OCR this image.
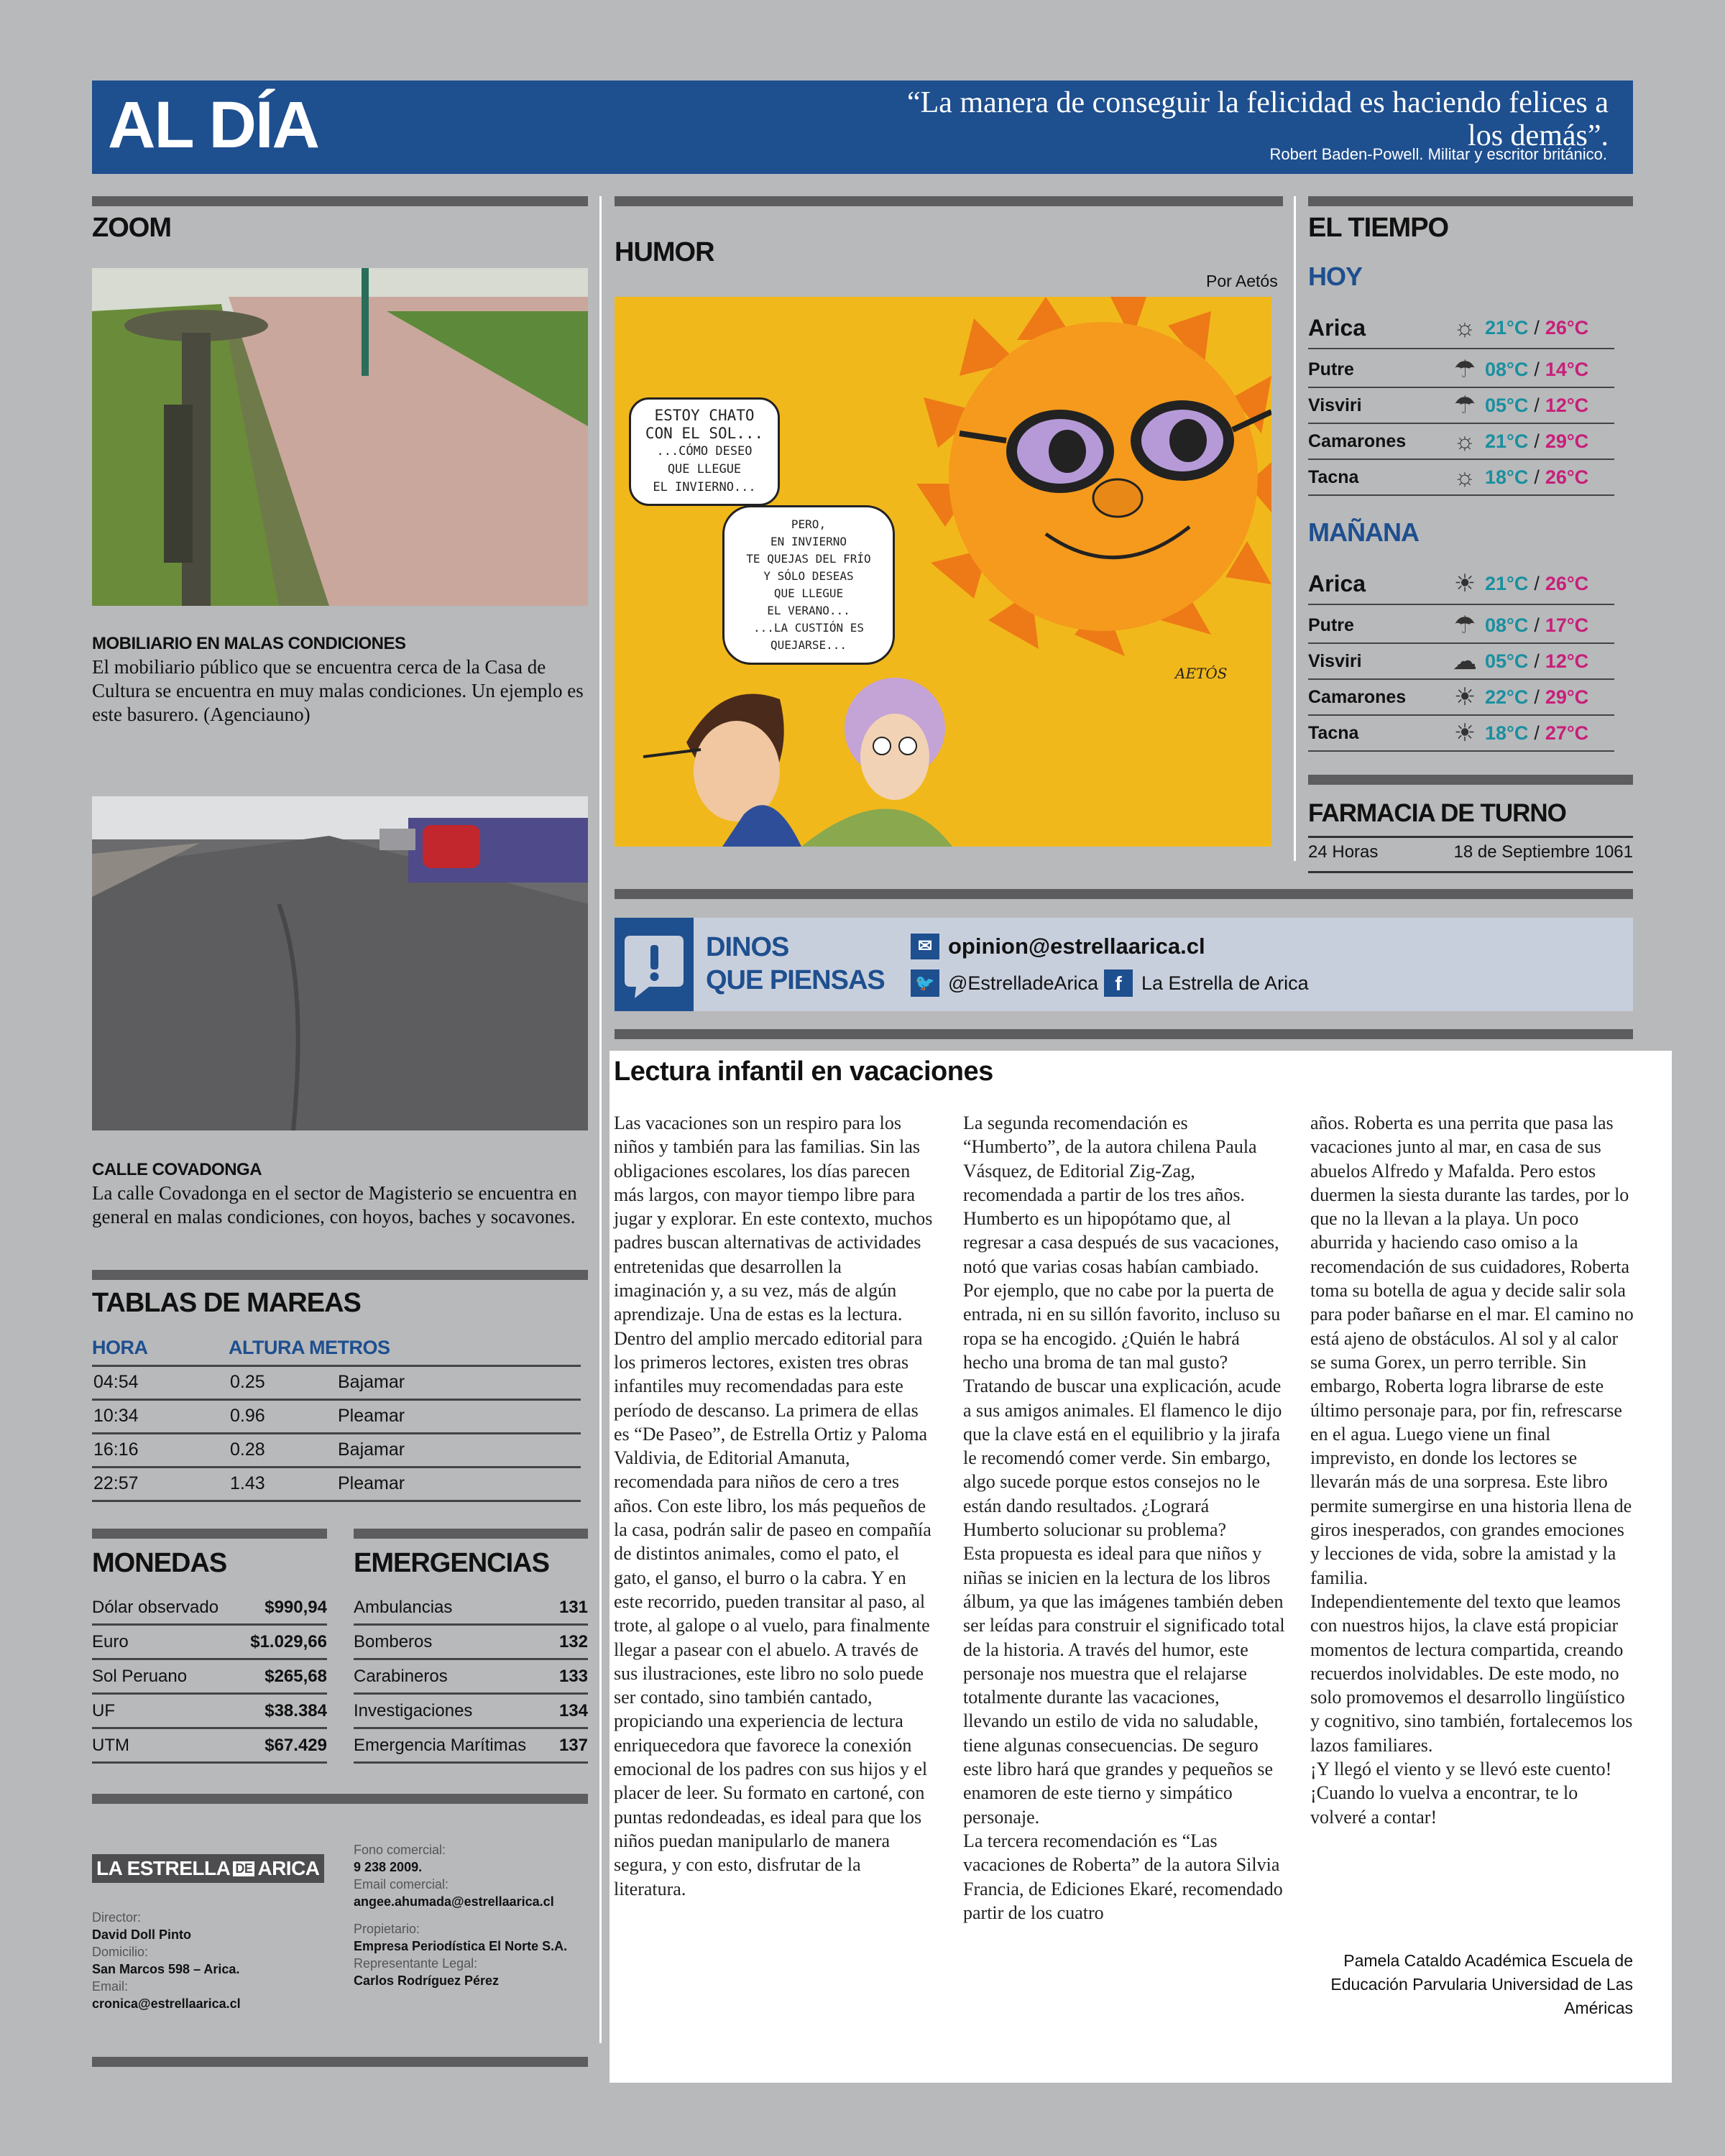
AL DÍA	“La manera de conseguir la felicidad es haciendo felices a los demás”.
Robert Baden-Powell. Militar y escritor británico.
ZOOM
MOBILIARIO EN MALAS CONDICIONES
El mobiliario público que se encuentra cerca de la Casa de Cultura se encuentra en muy malas condiciones. Un ejemplo es este basurero. (Agenciauno)
CALLE COVADONGA
La calle Covadonga en el sector de Magisterio se encuentra en general en malas condiciones, con hoyos, baches y socavones.
TABLAS DE MAREAS
HORA	ALTURA METROS	
04:54	0.25	Bajamar
10:34	0.96	Pleamar
16:16	0.28	Bajamar
22:57	1.43	Pleamar
MONEDAS	EMERGENCIAS
Dólar observado	$990,94
Euro	$1.029,66
Sol Peruano	$265,68
UF	$38.384
UTM	$67.429
Ambulancias	131
Bomberos	132
Carabineros	133
Investigaciones	134
Emergencia Marítimas 137
LA ESTRELLA DE ARICA
Director:
David Doll Pinto
Domicilio:
San Marcos 598 – Arica.
Email:
cronica@estrellaarica.cl
Fono comercial:
9 238 2009.
Email comercial:
angee.ahumada@estrellaarica.cl
Propietario:
Empresa Periodística El Norte S.A.
Representante Legal:
Carlos Rodríguez Pérez
HUMOR
Por Aetós
ESTOY CHATO
CON EL SOL...
...CÓMO DESEO
QUE LLEGUE
EL INVIERNO...
PERO,
EN INVIERNO
TE QUEJAS DEL FRÍO
Y SÓLO DESEAS
QUE LLEGUE
EL VERANO...
...LA CUSTIÓN ES
QUEJARSE...
AETÓS
EL TIEMPO
HOY
Arica	☼ 21°C / 26°C
Putre	☂ 08°C / 14°C
Visviri	☂ 05°C / 12°C
Camarones	☼ 21°C / 29°C
Tacna	☼ 18°C / 26°C
MAÑANA
Arica	☀ 21°C / 26°C
Putre	☂ 08°C / 17°C
Visviri	☁ 05°C / 12°C
Camarones	☀ 22°C / 29°C
Tacna	☀ 18°C / 27°C
FARMACIA DE TURNO
24 Horas	18 de Septiembre 1061
DINOS
QUE PIENSAS
✉ opinion@estrellaarica.cl
🐦 @EstrelladeArica f	La Estrella de Arica
Lectura infantil en vacaciones

Las vacaciones son un respiro para los niños y también para las familias. Sin las obligaciones escolares, los días parecen más largos, con mayor tiempo libre para jugar y explorar. En este contexto, muchos padres buscan alternativas de actividades entretenidas que desarrollen la imaginación y, a su vez, más de algún aprendizaje. Una de estas es la lectura.

Dentro del amplio mercado editorial para los primeros lectores, existen tres obras infantiles muy recomendadas para este período de descanso. La primera de ellas es “De Paseo”, de Estrella Ortiz y Paloma Valdivia, de Editorial Amanuta, recomendada para niños de cero a tres años. Con este libro, los más pequeños de la casa, podrán salir de paseo en compañía de distintos animales, como el pato, el gato, el ganso, el burro o la cabra. Y en este recorrido, pueden transitar al paso, al trote, al galope o al vuelo, para finalmente llegar a pasear con el abuelo. A través de sus ilustraciones, este libro no solo puede ser contado, sino también cantado, propiciando una experiencia de lectura enriquecedora que favorece la conexión emocional de los padres con sus hijos y el placer de leer. Su formato en cartoné, con puntas redondeadas, es ideal para que los niños puedan manipularlo de manera segura, y con esto, disfrutar de la literatura.

La segunda recomendación es “Humberto”, de la autora chilena Paula Vásquez, de Editorial Zig-Zag, recomendada a partir de los tres años. Humberto es un hipopótamo que, al regresar a casa después de sus vacaciones, notó que varias cosas habían cambiado. Por ejemplo, que no cabe por la puerta de entrada, ni en su sillón favorito, incluso su ropa se ha encogido. ¿Quién le habrá hecho una broma de tan mal gusto? Tratando de buscar una explicación, acude a sus amigos animales. El flamenco le dijo que la clave está en el equilibrio y la jirafa le recomendó comer verde. Sin embargo, algo sucede porque estos consejos no le están dando resultados. ¿Logrará Humberto solucionar su problema?

Esta propuesta es ideal para que niños y niñas se inicien en la lectura de los libros álbum, ya que las imágenes también deben ser leídas para construir el significado total de la historia. A través del humor, este personaje nos muestra que el relajarse totalmente durante las vacaciones, llevando un estilo de vida no saludable, tiene algunas consecuencias. De seguro este libro hará que grandes y pequeños se enamoren de este tierno y simpático personaje.

La tercera recomendación es “Las vacaciones de Roberta” de la autora Silvia Francia, de Ediciones Ekaré, recomendado partir de los cuatro

años. Roberta es una perrita que pasa las vacaciones junto al mar, en casa de sus abuelos Alfredo y Mafalda. Pero estos duermen la siesta durante las tardes, por lo que no la llevan a la playa. Un poco aburrida y haciendo caso omiso a la recomendación de sus cuidadores, Roberta toma su botella de agua y decide salir sola para poder bañarse en el mar. El camino no está ajeno de obstáculos. Al sol y al calor se suma Gorex, un perro terrible. Sin embargo, Roberta logra librarse de este último personaje para, por fin, refrescarse en el agua. Luego viene un final imprevisto, en donde los lectores se llevarán más de una sorpresa. Este libro permite sumergirse en una historia llena de giros inesperados, con grandes emociones y lecciones de vida, sobre la amistad y la familia.

Independientemente del texto que leamos con nuestros hijos, la clave está propiciar momentos de lectura compartida, creando recuerdos inolvidables. De este modo, no solo promovemos el desarrollo lingüístico y cognitivo, sino también, fortalecemos los lazos familiares.

¡Y llegó el viento y se llevó este cuento! ¡Cuando lo vuelva a encontrar, te lo volveré a contar!

Pamela Cataldo Académica Escuela de Educación Parvularia Universidad de Las Américas
